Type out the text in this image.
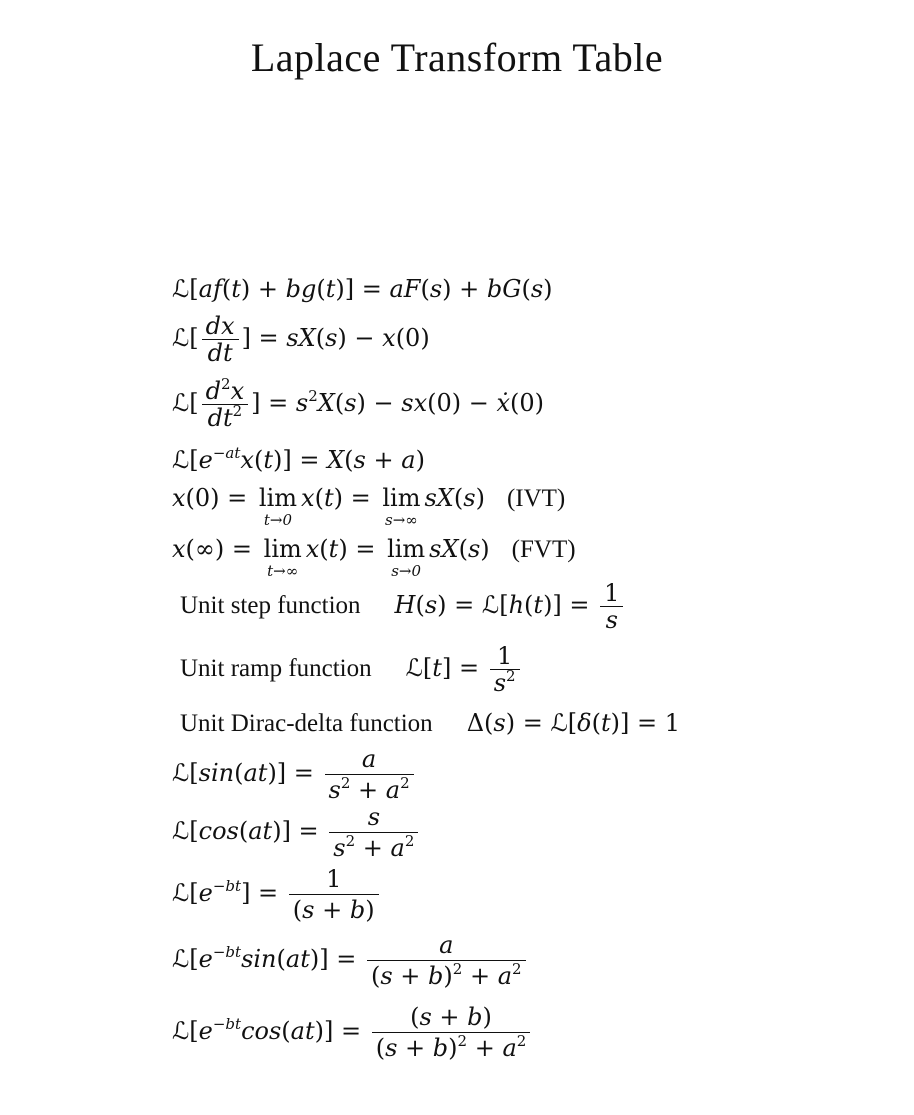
Laplace Transform Table
ℒ[af(t) + bg(t)] = aF(s) + bG(s)
ℒ[ $\frac{dx}{dt}$ ] = sX(s) − x(0)
ℒ[ $\frac{d^2x}{dt^2}$ ] = $s^2X(s) - sx(0)$ − ẋ(0)
$ℒ[e^{-at}x(t)] = X(s + a)$
x(0) = lim
t→0
x(t) = lim
s→∞
sX(s) (IVT)
x(∞) = lim
t→∞
x(t) = lim
s→0
sX(s) (FVT)
Unit step function H(s) = ℒ[h(t)] = $\frac{1}{s}$
Unit ramp function ℒ[t] = $\frac{1}{s^2}$
Unit Dirac-delta function Δ(s) = ℒ[δ(t)] = 1
ℒ[sin(at)] = $\frac{a}{s^2 + a^2}$
ℒ[cos(at)] = $\frac{s}{s^2 + a^2}$
$ℒ[e^{-bt}] = \frac{1}{(s + b)}$
$ℒ[e^{-bt}\sin(at)] = \frac{a}{(s + b)^2 + a^2}$
$ℒ[e^{-bt}\cos(at)] = \frac{(s + b)}{(s + b)^2 + a^2}$
